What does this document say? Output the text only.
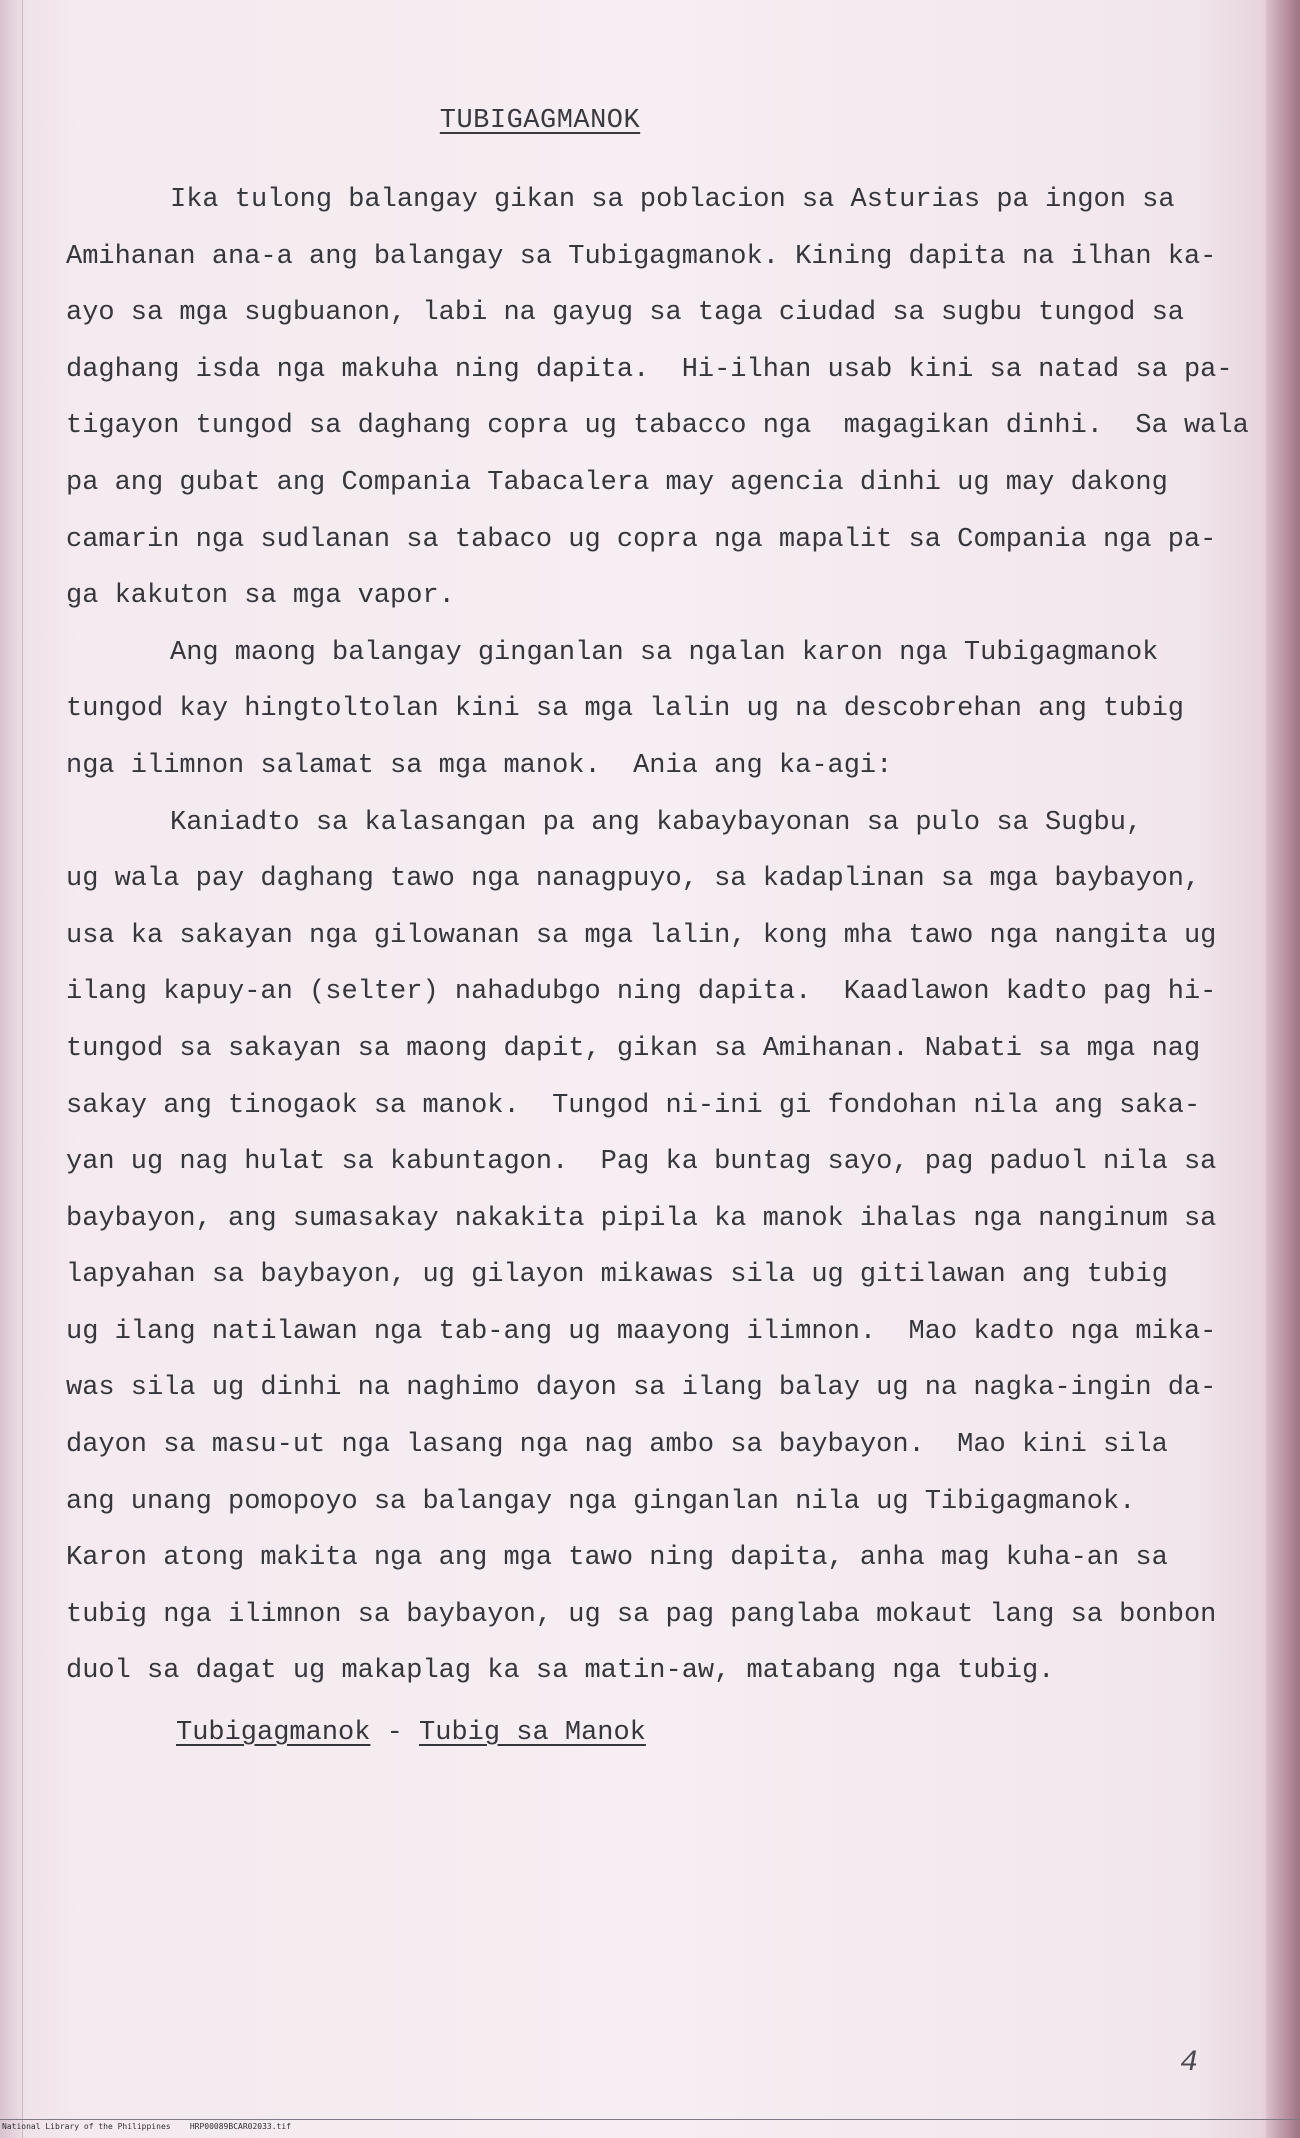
TUBIGAGMANOK
Ika tulong balangay gikan sa poblacion sa Asturias pa ingon sa
Amihanan ana-a ang balangay sa Tubigagmanok. Kining dapita na ilhan ka-
ayo sa mga sugbuanon, labi na gayug sa taga ciudad sa sugbu tungod sa
daghang isda nga makuha ning dapita.  Hi-ilhan usab kini sa natad sa pa-
tigayon tungod sa daghang copra ug tabacco nga  magagikan dinhi.  Sa wala
pa ang gubat ang Compania Tabacalera may agencia dinhi ug may dakong
camarin nga sudlanan sa tabaco ug copra nga mapalit sa Compania nga pa-
ga kakuton sa mga vapor.
Ang maong balangay ginganlan sa ngalan karon nga Tubigagmanok
tungod kay hingtoltolan kini sa mga lalin ug na descobrehan ang tubig
nga ilimnon salamat sa mga manok.  Ania ang ka-agi:
Kaniadto sa kalasangan pa ang kabaybayonan sa pulo sa Sugbu,
ug wala pay daghang tawo nga nanagpuyo, sa kadaplinan sa mga baybayon,
usa ka sakayan nga gilowanan sa mga lalin, kong mha tawo nga nangita ug
ilang kapuy-an (selter) nahadubgo ning dapita.  Kaadlawon kadto pag hi-
tungod sa sakayan sa maong dapit, gikan sa Amihanan. Nabati sa mga nag
sakay ang tinogaok sa manok.  Tungod ni-ini gi fondohan nila ang saka-
yan ug nag hulat sa kabuntagon.  Pag ka buntag sayo, pag paduol nila sa
baybayon, ang sumasakay nakakita pipila ka manok ihalas nga nanginum sa
lapyahan sa baybayon, ug gilayon mikawas sila ug gitilawan ang tubig
ug ilang natilawan nga tab-ang ug maayong ilimnon.  Mao kadto nga mika-
was sila ug dinhi na naghimo dayon sa ilang balay ug na nagka-ingin da-
dayon sa masu-ut nga lasang nga nag ambo sa baybayon.  Mao kini sila
ang unang pomopoyo sa balangay nga ginganlan nila ug Tibigagmanok.
Karon atong makita nga ang mga tawo ning dapita, anha mag kuha-an sa
tubig nga ilimnon sa baybayon, ug sa pag panglaba mokaut lang sa bonbon
duol sa dagat ug makaplag ka sa matin-aw, matabang nga tubig.
Tubigagmanok - Tubig sa Manok
4
National Library of the Philippines    HRP00089BCAR02033.tif
